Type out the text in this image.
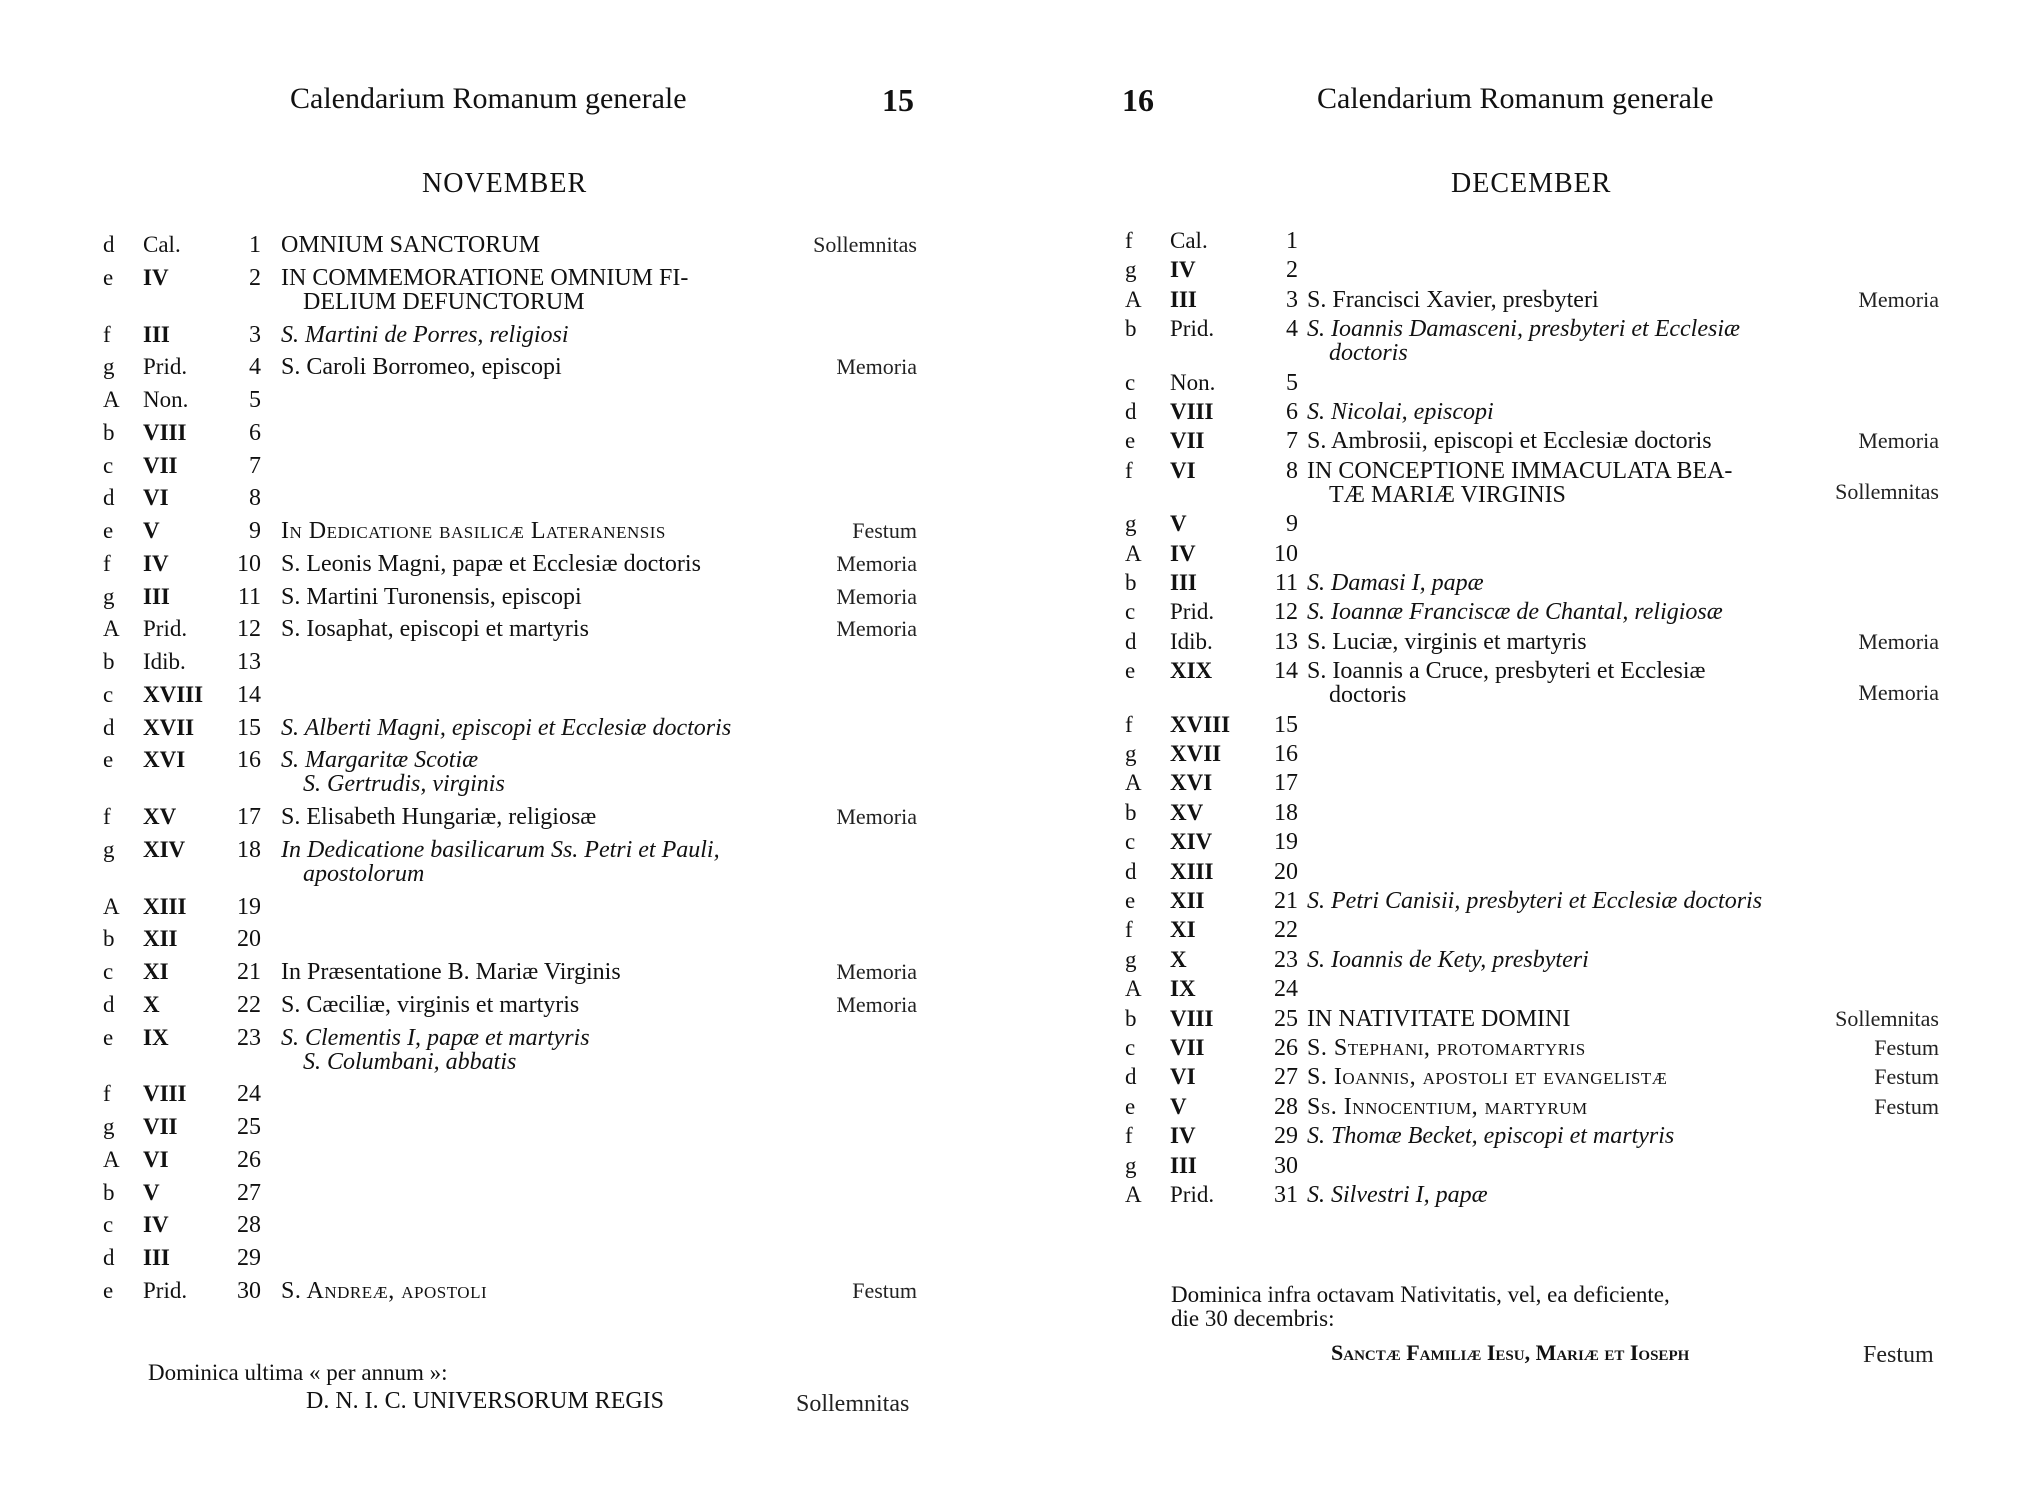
Calendarium Romanum generale	15
NOVEMBER
d Cal.	1 OMNIUM SANCTORUM	Sollemnitas
e IV	2 IN COMMEMORATIONE OMNIUM FI-
DELIUM DEFUNCTORUM
f III	3 S. Martini de Porres, religiosi
g Prid.	4 S. Caroli Borromeo, episcopi	Memoria
A Non.	5
b VIII	6
c VII	7
d VI	8
e V	9 In Dedicatione basilicæ Lateranensis	Festum
f IV	10 S. Leonis Magni, papæ et Ecclesiæ doctoris	Memoria
g III	11 S. Martini Turonensis, episcopi	Memoria
A Prid.	12 S. Iosaphat, episcopi et martyris	Memoria
b Idib.	13
c XVIII	14
d XVII	15 S. Alberti Magni, episcopi et Ecclesiæ doctoris
e XVI	16 S. Margaritæ Scotiæ
S. Gertrudis, virginis
f XV	17 S. Elisabeth Hungariæ, religiosæ	Memoria
g XIV	18 In Dedicatione basilicarum Ss. Petri et Pauli,
apostolorum
A XIII	19
b XII	20
c XI	21 In Præsentatione B. Mariæ Virginis	Memoria
d X	22 S. Cæciliæ, virginis et martyris	Memoria
e IX	23 S. Clementis I, papæ et martyris
S. Columbani, abbatis
f VIII	24
g VII	25
A VI	26
b V	27
c IV	28
d III	29
e Prid.	30 S. Andreæ, apostoli	Festum
Dominica ultima « per annum »:
D. N. I. C. UNIVERSORUM REGIS	Sollemnitas
16	Calendarium Romanum generale
DECEMBER
f Cal.	1
g IV	2
A III	3 S. Francisci Xavier, presbyteri	Memoria
b Prid.	4 S. Ioannis Damasceni, presbyteri et Ecclesiæ
doctoris
c Non.	5
d VIII	6 S. Nicolai, episcopi
e VII	7 S. Ambrosii, episcopi et Ecclesiæ doctoris	Memoria
f VI	8 IN CONCEPTIONE IMMACULATA BEA-
TÆ MARIÆ VIRGINIS	Sollemnitas
g V	9
A IV	10
b III	11 S. Damasi I, papæ
c Prid.	12 S. Ioannæ Franciscæ de Chantal, religiosæ
d Idib.	13 S. Luciæ, virginis et martyris	Memoria
e XIX	14 S. Ioannis a Cruce, presbyteri et Ecclesiæ
doctoris	Memoria
f XVIII	15
g XVII	16
A XVI	17
b XV	18
c XIV	19
d XIII	20
e XII	21 S. Petri Canisii, presbyteri et Ecclesiæ doctoris
f XI	22
g X	23 S. Ioannis de Kety, presbyteri
A IX	24
b VIII	25 IN NATIVITATE DOMINI	Sollemnitas
c VII	26 S. Stephani, protomartyris	Festum
d VI	27 S. Ioannis, apostoli et evangelistæ	Festum
e V	28 Ss. Innocentium, martyrum	Festum
f IV	29 S. Thomæ Becket, episcopi et martyris
g III	30
A Prid.	31 S. Silvestri I, papæ
Dominica infra octavam Nativitatis, vel, ea deficiente,
die 30 decembris:
Sanctæ Familiæ Iesu, Mariæ et Ioseph	Festum
